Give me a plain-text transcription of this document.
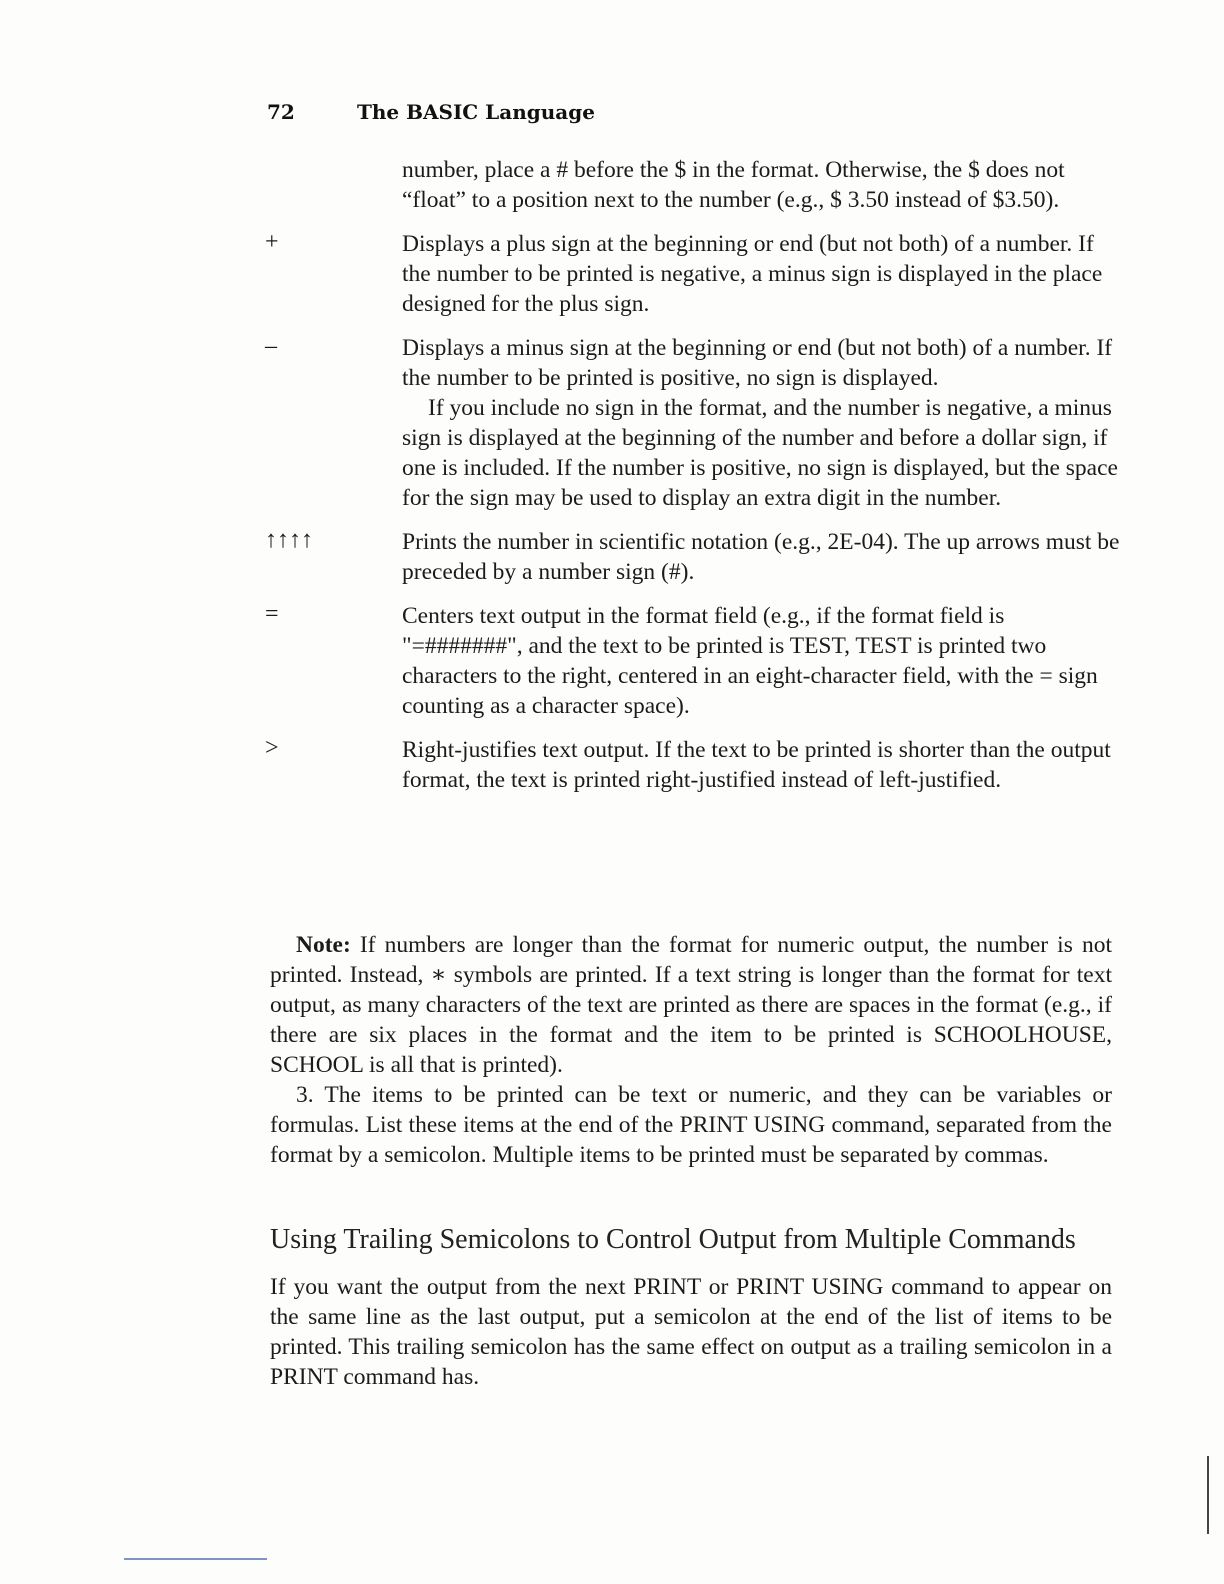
72	The BASIC Language

number, place a # before the $ in the format. Otherwise, the $ does not “float” to a position next to the number (e.g., $ 3.50 instead of $3.50).

+	Displays a plus sign at the beginning or end (but not both) of a number. If the number to be printed is negative, a minus sign is displayed in the place designed for the plus sign.

–	Displays a minus sign at the beginning or end (but not both) of a number. If the number to be printed is positive, no sign is displayed.

If you include no sign in the format, and the number is negative, a minus sign is displayed at the beginning of the number and before a dollar sign, if one is included. If the number is positive, no sign is displayed, but the space for the sign may be used to display an extra digit in the number.

↑↑↑↑	Prints the number in scientific notation (e.g., 2E-04). The up arrows must be preceded by a number sign (#).

=	Centers text output in the format field (e.g., if the format field is "=#######", and the text to be printed is TEST, TEST is printed two characters to the right, centered in an eight-character field, with the = sign counting as a character space).

>	Right-justifies text output. If the text to be printed is shorter than the output format, the text is printed right-justified instead of left-justified.

Note: If numbers are longer than the format for numeric output, the number is not printed. Instead, ∗ symbols are printed. If a text string is longer than the format for text output, as many characters of the text are printed as there are spaces in the format (e.g., if there are six places in the format and the item to be printed is SCHOOLHOUSE, SCHOOL is all that is printed).

3. The items to be printed can be text or numeric, and they can be variables or formulas. List these items at the end of the PRINT USING command, separated from the format by a semicolon. Multiple items to be printed must be separated by commas.

Using Trailing Semicolons to Control Output from Multiple Commands

If you want the output from the next PRINT or PRINT USING command to appear on the same line as the last output, put a semicolon at the end of the list of items to be printed. This trailing semicolon has the same effect on output as a trailing semicolon in a PRINT command has.
